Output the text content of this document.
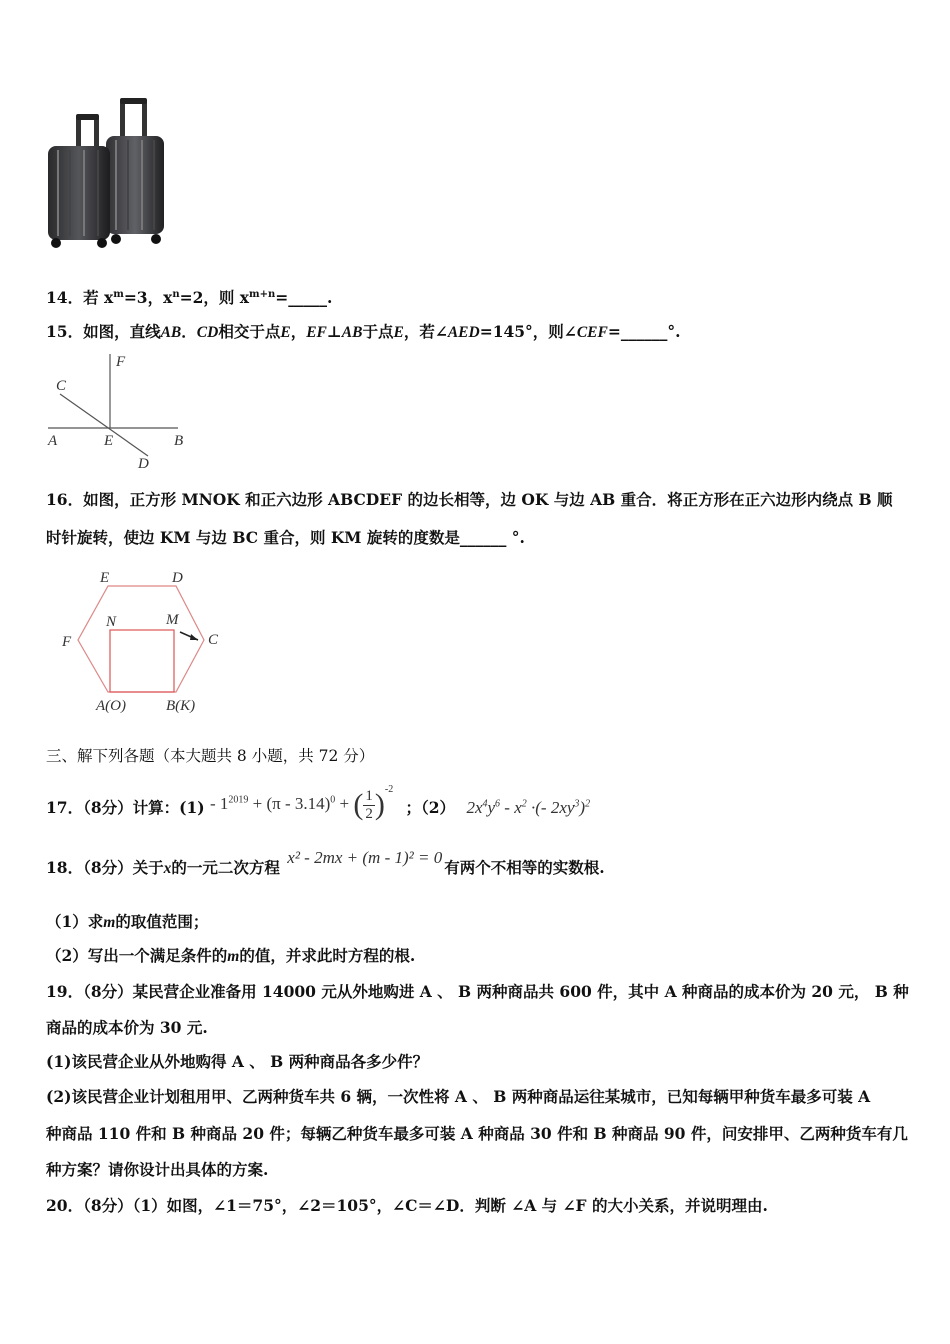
14．若 $x^m=3$，$x^n=2$，则 $x^{m+n}=\_\_\_\_\_$.
15．如图，直线AB．CD相交于点E，EF⊥AB于点E，若∠AED=145°，则∠CEF=______°.
F
C
A	E	B
D
16．如图，正方形 MNOK 和正六边形 ABCDEF 的边长相等，边 OK 与边 AB 重合．将正方形在正六边形内绕点 B 顺
时针旋转，使边 KM 与边 BC 重合，则 KM 旋转的度数是______ °.
E	D
F	C
N	M
A(O)	B(K)
三、解下列各题（本大题共 8 小题，共 72 分）
17．（8分）计算：$(1) - 1^{2019} + (\pi - 3.14)^0$ + ( $\frac{1}{2} )^{-2}$ ；（2） $2x^4y^6 - x^2$ ·(- $2xy^3)^2$
18．（8分）关于x的一元二次方程 x² - 2mx + (m - 1)² = 0有两个不相等的实数根.
（1）求m的取值范围；
（2）写出一个满足条件的m的值，并求此时方程的根.
19．（8分）某民营企业准备用 14000 元从外地购进 A 、 B 两种商品共 600 件，其中 A 种商品的成本价为 20 元， B 种
商品的成本价为 30 元.
(1)该民营企业从外地购得 A 、 B 两种商品各多少件？
(2)该民营企业计划租用甲、乙两种货车共 6 辆，一次性将 A 、 B 两种商品运往某城市，已知每辆甲种货车最多可装 A
种商品 110 件和 B 种商品 20 件；每辆乙种货车最多可装 A 种商品 30 件和 B 种商品 90 件，问安排甲、乙两种货车有几
种方案？请你设计出具体的方案.
20．（8分）（1）如图，∠1＝75°，∠2＝105°，∠C＝∠D．判断 ∠A 与 ∠F 的大小关系，并说明理由.
